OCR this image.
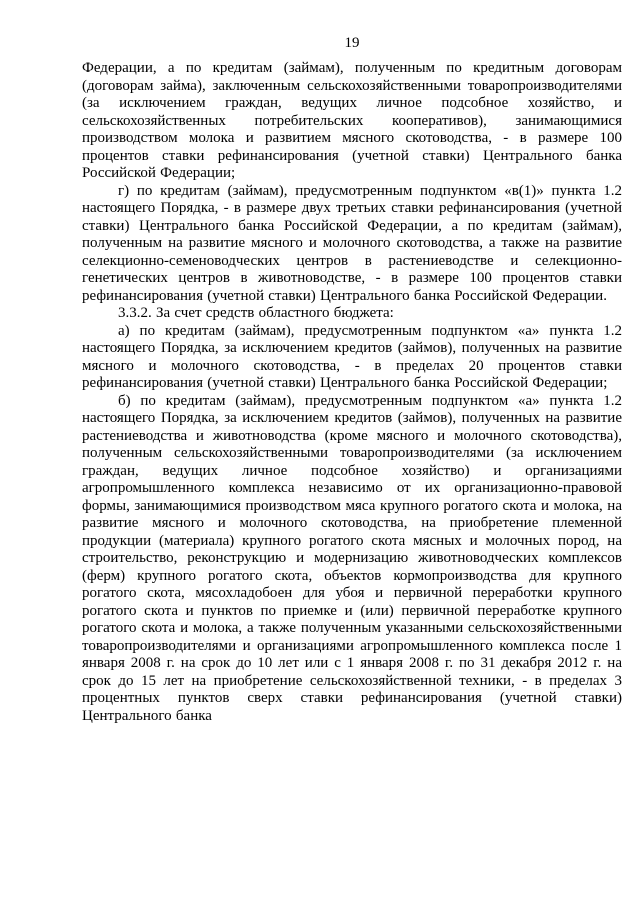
19

Федерации, а по кредитам (займам), полученным по кредитным договорам (договорам займа), заключенным сельскохозяйственными товаропроизводителями (за исключением граждан, ведущих личное подсобное хозяйство, и сельскохозяйственных потребительских кооперативов), занимающимися производством молока и развитием мясного скотоводства, - в размере 100 процентов ставки рефинансирования (учетной ставки) Центрального банка Российской Федерации;

г) по кредитам (займам), предусмотренным подпунктом «в(1)» пункта 1.2 настоящего Порядка, - в размере двух третьих ставки рефинансирования (учетной ставки) Центрального банка Российской Федерации, а по кредитам (займам), полученным на развитие мясного и молочного скотоводства, а также на развитие селекционно-семеноводческих центров в растениеводстве и селекционно-генетических центров в животноводстве, - в размере 100 процентов ставки рефинансирования (учетной ставки) Центрального банка Российской Федерации.

3.3.2. За счет средств областного бюджета:

а) по кредитам (займам), предусмотренным подпунктом «а» пункта 1.2 настоящего Порядка, за исключением кредитов (займов), полученных на развитие мясного и молочного скотоводства, - в пределах 20 процентов ставки рефинансирования (учетной ставки) Центрального банка Российской Федерации;

б) по кредитам (займам), предусмотренным подпунктом «а» пункта 1.2 настоящего Порядка, за исключением кредитов (займов), полученных на развитие растениеводства и животноводства (кроме мясного и молочного скотоводства), полученным сельскохозяйственными товаропроизводителями (за исключением граждан, ведущих личное подсобное хозяйство) и организациями агропромышленного комплекса независимо от их организационно-правовой формы, занимающимися производством мяса крупного рогатого скота и молока, на развитие мясного и молочного скотоводства, на приобретение племенной продукции (материала) крупного рогатого скота мясных и молочных пород, на строительство, реконструкцию и модернизацию животноводческих комплексов (ферм) крупного рогатого скота, объектов кормопроизводства для крупного рогатого скота, мясохладобоен для убоя и первичной переработки крупного рогатого скота и пунктов по приемке и (или) первичной переработке крупного рогатого скота и молока, а также полученным указанными сельскохозяйственными товаропроизводителями и организациями агропромышленного комплекса после 1 января 2008 г. на срок до 10 лет или с 1 января 2008 г. по 31 декабря 2012 г. на срок до 15 лет на приобретение сельскохозяйственной техники, - в пределах 3 процентных пунктов сверх ставки рефинансирования (учетной ставки) Центрального банка
